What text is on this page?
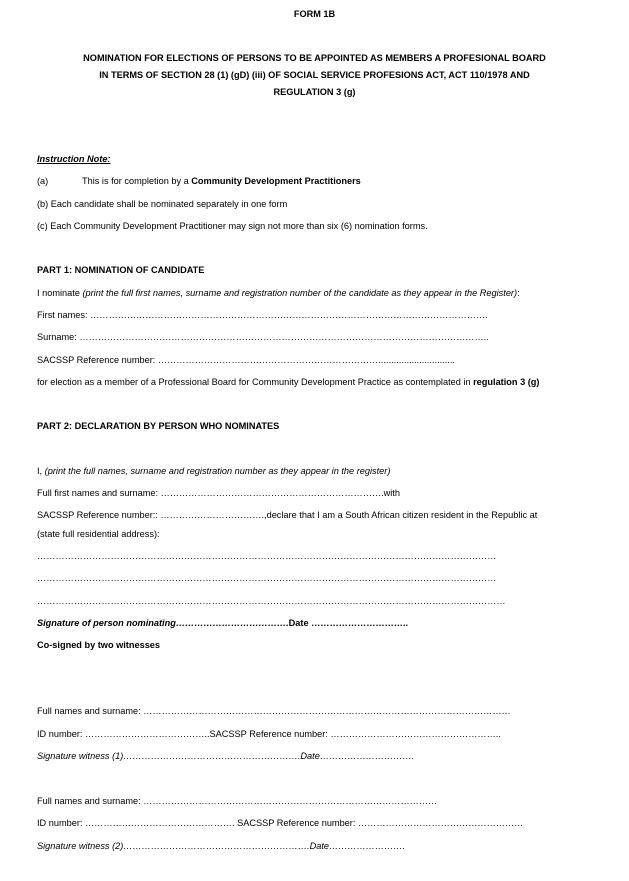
FORM 1B
NOMINATION FOR ELECTIONS OF PERSONS TO BE APPOINTED AS MEMBERS A PROFESIONAL BOARD
IN TERMS OF SECTION 28 (1) (gD) (iii) OF SOCIAL SERVICE PROFESIONS ACT, ACT 110/1978 AND
REGULATION 3 (g)
Instruction Note:
(a)	This is for completion by a Community Development Practitioners
(b) Each candidate shall be nominated separately in one form
(c) Each Community Development Practitioner may sign not more than six (6) nomination forms.
PART 1: NOMINATION OF CANDIDATE
I nominate (print the full first names, surname and registration number of the candidate as they appear in the Register):
First names: ………………………………………………………………………………………………………………….
Surname: ……………………………………………………………………………………………………………………..
SACSSP Reference number: ………………………………………………………………..............................
for election as a member of a Professional Board for Community Development Practice as contemplated in regulation 3 (g)
PART 2: DECLARATION BY PERSON WHO NOMINATES
I, (print the full names, surname and registration number as they appear in the register)
Full first names and surname: ……………………………………………………………….with
SACSSP Reference number:: …………………………….,declare that I am a South African citizen resident in the Republic at
(state full residential address):
……………………………………………………………………………………………………………………………………
……………………………………………………………………………………………………………………………………
………………………………………………………………………………………………………………………………………
Signature of person nominating……………………………….Date …………………………..
Co-signed by two witnesses
Full names and surname: …………………………………………………………………………………………………………
ID number: …………………………………..SACSSP Reference number: ………………………………………………..
Signature witness (1)………………………………………………….Date………………………….
Full names and surname: ……………………………………………………………………………………
ID number: …………………………………………. SACSSP Reference number: ………………………………………………
Signature witness (2)…………………………………………………….Date…………………….
